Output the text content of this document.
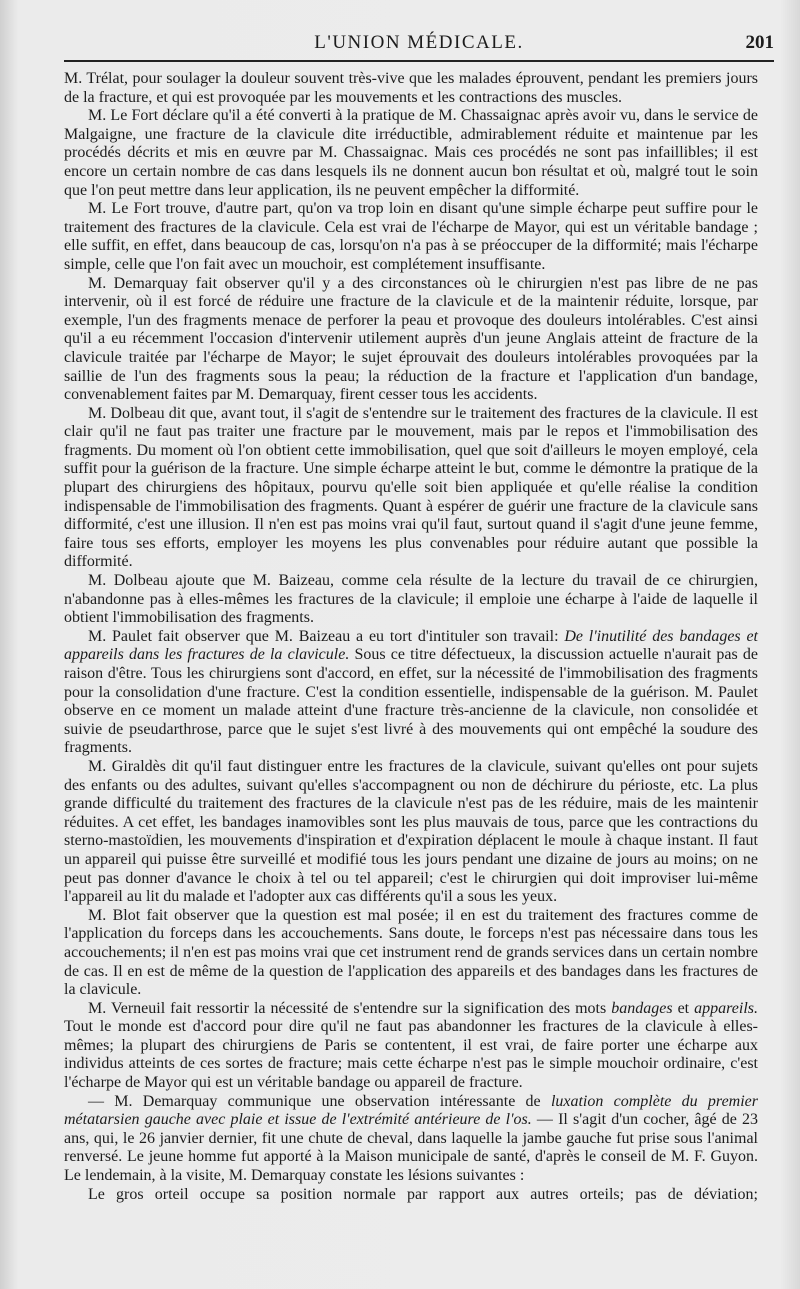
L'UNION MÉDICALE.	201

M. Trélat, pour soulager la douleur souvent très-vive que les malades éprouvent, pendant les premiers jours de la fracture, et qui est provoquée par les mouvements et les contractions des muscles.

M. Le Fort déclare qu'il a été converti à la pratique de M. Chassaignac après avoir vu, dans le service de Malgaigne, une fracture de la clavicule dite irréductible, admirablement réduite et maintenue par les procédés décrits et mis en œuvre par M. Chassaignac. Mais ces procédés ne sont pas infaillibles; il est encore un certain nombre de cas dans lesquels ils ne donnent aucun bon résultat et où, malgré tout le soin que l'on peut mettre dans leur application, ils ne peuvent empêcher la difformité.

M. Le Fort trouve, d'autre part, qu'on va trop loin en disant qu'une simple écharpe peut suffire pour le traitement des fractures de la clavicule. Cela est vrai de l'écharpe de Mayor, qui est un véritable bandage ; elle suffit, en effet, dans beaucoup de cas, lorsqu'on n'a pas à se préoccuper de la difformité; mais l'écharpe simple, celle que l'on fait avec un mouchoir, est complétement insuffisante.

M. Demarquay fait observer qu'il y a des circonstances où le chirurgien n'est pas libre de ne pas intervenir, où il est forcé de réduire une fracture de la clavicule et de la maintenir réduite, lorsque, par exemple, l'un des fragments menace de perforer la peau et provoque des douleurs intolérables. C'est ainsi qu'il a eu récemment l'occasion d'intervenir utilement auprès d'un jeune Anglais atteint de fracture de la clavicule traitée par l'écharpe de Mayor; le sujet éprouvait des douleurs intolérables provoquées par la saillie de l'un des fragments sous la peau; la réduction de la fracture et l'application d'un bandage, convenablement faites par M. Demarquay, firent cesser tous les accidents.

M. Dolbeau dit que, avant tout, il s'agit de s'entendre sur le traitement des fractures de la clavicule. Il est clair qu'il ne faut pas traiter une fracture par le mouvement, mais par le repos et l'immobilisation des fragments. Du moment où l'on obtient cette immobilisation, quel que soit d'ailleurs le moyen employé, cela suffit pour la guérison de la fracture. Une simple écharpe atteint le but, comme le démontre la pratique de la plupart des chirurgiens des hôpitaux, pourvu qu'elle soit bien appliquée et qu'elle réalise la condition indispensable de l'immobilisation des fragments. Quant à espérer de guérir une fracture de la clavicule sans difformité, c'est une illusion. Il n'en est pas moins vrai qu'il faut, surtout quand il s'agit d'une jeune femme, faire tous ses efforts, employer les moyens les plus convenables pour réduire autant que possible la difformité.

M. Dolbeau ajoute que M. Baizeau, comme cela résulte de la lecture du travail de ce chirurgien, n'abandonne pas à elles-mêmes les fractures de la clavicule; il emploie une écharpe à l'aide de laquelle il obtient l'immobilisation des fragments.

M. Paulet fait observer que M. Baizeau a eu tort d'intituler son travail: De l'inutilité des bandages et appareils dans les fractures de la clavicule. Sous ce titre défectueux, la discussion actuelle n'aurait pas de raison d'être. Tous les chirurgiens sont d'accord, en effet, sur la nécessité de l'immobilisation des fragments pour la consolidation d'une fracture. C'est la condition essentielle, indispensable de la guérison. M. Paulet observe en ce moment un malade atteint d'une fracture très-ancienne de la clavicule, non consolidée et suivie de pseudarthrose, parce que le sujet s'est livré à des mouvements qui ont empêché la soudure des fragments.

M. Giraldès dit qu'il faut distinguer entre les fractures de la clavicule, suivant qu'elles ont pour sujets des enfants ou des adultes, suivant qu'elles s'accompagnent ou non de déchirure du périoste, etc. La plus grande difficulté du traitement des fractures de la clavicule n'est pas de les réduire, mais de les maintenir réduites. A cet effet, les bandages inamovibles sont les plus mauvais de tous, parce que les contractions du sterno-mastoïdien, les mouvements d'inspiration et d'expiration déplacent le moule à chaque instant. Il faut un appareil qui puisse être surveillé et modifié tous les jours pendant une dizaine de jours au moins; on ne peut pas donner d'avance le choix à tel ou tel appareil; c'est le chirurgien qui doit improviser lui-même l'appareil au lit du malade et l'adopter aux cas différents qu'il a sous les yeux.

M. Blot fait observer que la question est mal posée; il en est du traitement des fractures comme de l'application du forceps dans les accouchements. Sans doute, le forceps n'est pas nécessaire dans tous les accouchements; il n'en est pas moins vrai que cet instrument rend de grands services dans un certain nombre de cas. Il en est de même de la question de l'application des appareils et des bandages dans les fractures de la clavicule.

M. Verneuil fait ressortir la nécessité de s'entendre sur la signification des mots bandages et appareils. Tout le monde est d'accord pour dire qu'il ne faut pas abandonner les fractures de la clavicule à elles-mêmes; la plupart des chirurgiens de Paris se contentent, il est vrai, de faire porter une écharpe aux individus atteints de ces sortes de fracture; mais cette écharpe n'est pas le simple mouchoir ordinaire, c'est l'écharpe de Mayor qui est un véritable bandage ou appareil de fracture.

— M. Demarquay communique une observation intéressante de luxation complète du premier métatarsien gauche avec plaie et issue de l'extrémité antérieure de l'os. — Il s'agit d'un cocher, âgé de 23 ans, qui, le 26 janvier dernier, fit une chute de cheval, dans laquelle la jambe gauche fut prise sous l'animal renversé. Le jeune homme fut apporté à la Maison municipale de santé, d'après le conseil de M. F. Guyon. Le lendemain, à la visite, M. Demarquay constate les lésions suivantes :

Le gros orteil occupe sa position normale par rapport aux autres orteils; pas de déviation;
